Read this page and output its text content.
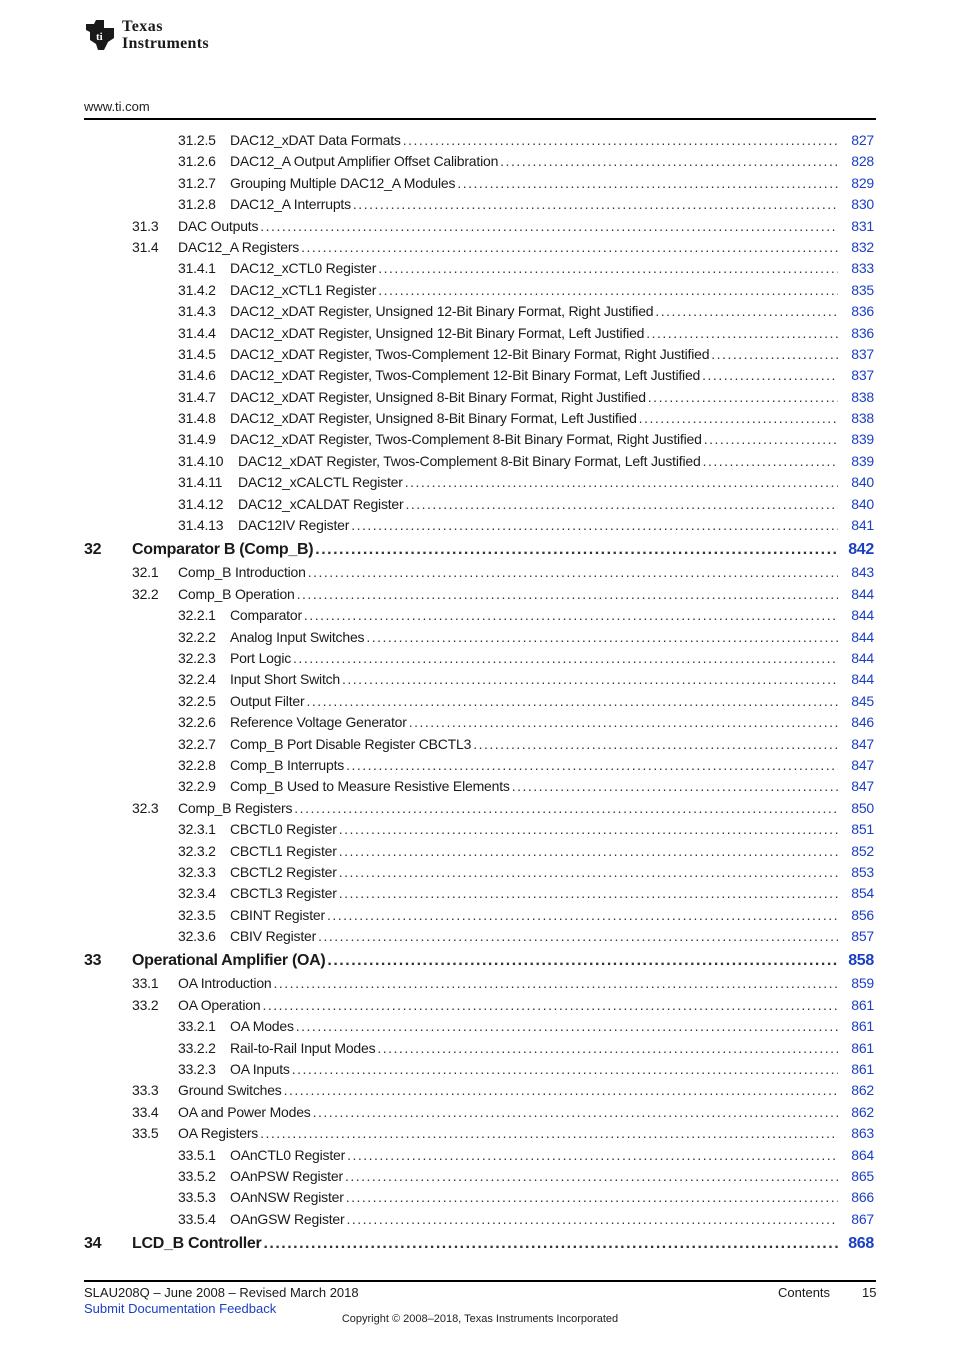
ti
Texas
Instruments
www.ti.com
31.2.5 DAC12_xDAT Data Formats .....	827
31.2.6 DAC12_A Output Amplifier Offset Calibration .....	828
31.2.7 Grouping Multiple DAC12_A Modules .....	829
31.2.8 DAC12_A Interrupts .....	830
31.3 DAC Outputs .....	831
31.4 DAC12_A Registers .....	832
31.4.1 DAC12_xCTL0 Register .....	833
31.4.2 DAC12_xCTL1 Register .....	835
31.4.3 DAC12_xDAT Register, Unsigned 12-Bit Binary Format, Right Justified .....	836
31.4.4 DAC12_xDAT Register, Unsigned 12-Bit Binary Format, Left Justified .....	836
31.4.5 DAC12_xDAT Register, Twos-Complement 12-Bit Binary Format, Right Justified .....	837
31.4.6 DAC12_xDAT Register, Twos-Complement 12-Bit Binary Format, Left Justified .....	837
31.4.7 DAC12_xDAT Register, Unsigned 8-Bit Binary Format, Right Justified .....	838
31.4.8 DAC12_xDAT Register, Unsigned 8-Bit Binary Format, Left Justified .....	838
31.4.9 DAC12_xDAT Register, Twos-Complement 8-Bit Binary Format, Right Justified .....	839
31.4.10 DAC12_xDAT Register, Twos-Complement 8-Bit Binary Format, Left Justified .....	839
31.4.11 DAC12_xCALCTL Register .....	840
31.4.12 DAC12_xCALDAT Register .....	840
31.4.13 DAC12IV Register .....	841
32 Comparator B (Comp_B) .....	842
32.1 Comp_B Introduction .....	843
32.2 Comp_B Operation .....	844
32.2.1 Comparator .....	844
32.2.2 Analog Input Switches .....	844
32.2.3 Port Logic .....	844
32.2.4 Input Short Switch .....	844
32.2.5 Output Filter .....	845
32.2.6 Reference Voltage Generator .....	846
32.2.7 Comp_B Port Disable Register CBCTL3 .....	847
32.2.8 Comp_B Interrupts .....	847
32.2.9 Comp_B Used to Measure Resistive Elements .....	847
32.3 Comp_B Registers .....	850
32.3.1 CBCTL0 Register .....	851
32.3.2 CBCTL1 Register .....	852
32.3.3 CBCTL2 Register .....	853
32.3.4 CBCTL3 Register .....	854
32.3.5 CBINT Register .....	856
32.3.6 CBIV Register .....	857
33 Operational Amplifier (OA) .....	858
33.1 OA Introduction .....	859
33.2 OA Operation .....	861
33.2.1 OA Modes .....	861
33.2.2 Rail-to-Rail Input Modes .....	861
33.2.3 OA Inputs .....	861
33.3 Ground Switches .....	862
33.4 OA and Power Modes .....	862
33.5 OA Registers .....	863
33.5.1 OAnCTL0 Register .....	864
33.5.2 OAnPSW Register .....	865
33.5.3 OAnNSW Register .....	866
33.5.4 OAnGSW Register .....	867
34 LCD_B Controller .....	868
SLAU208Q – June 2008 – Revised March 2018
Submit Documentation Feedback
Contents 15
Copyright © 2008–2018, Texas Instruments Incorporated
